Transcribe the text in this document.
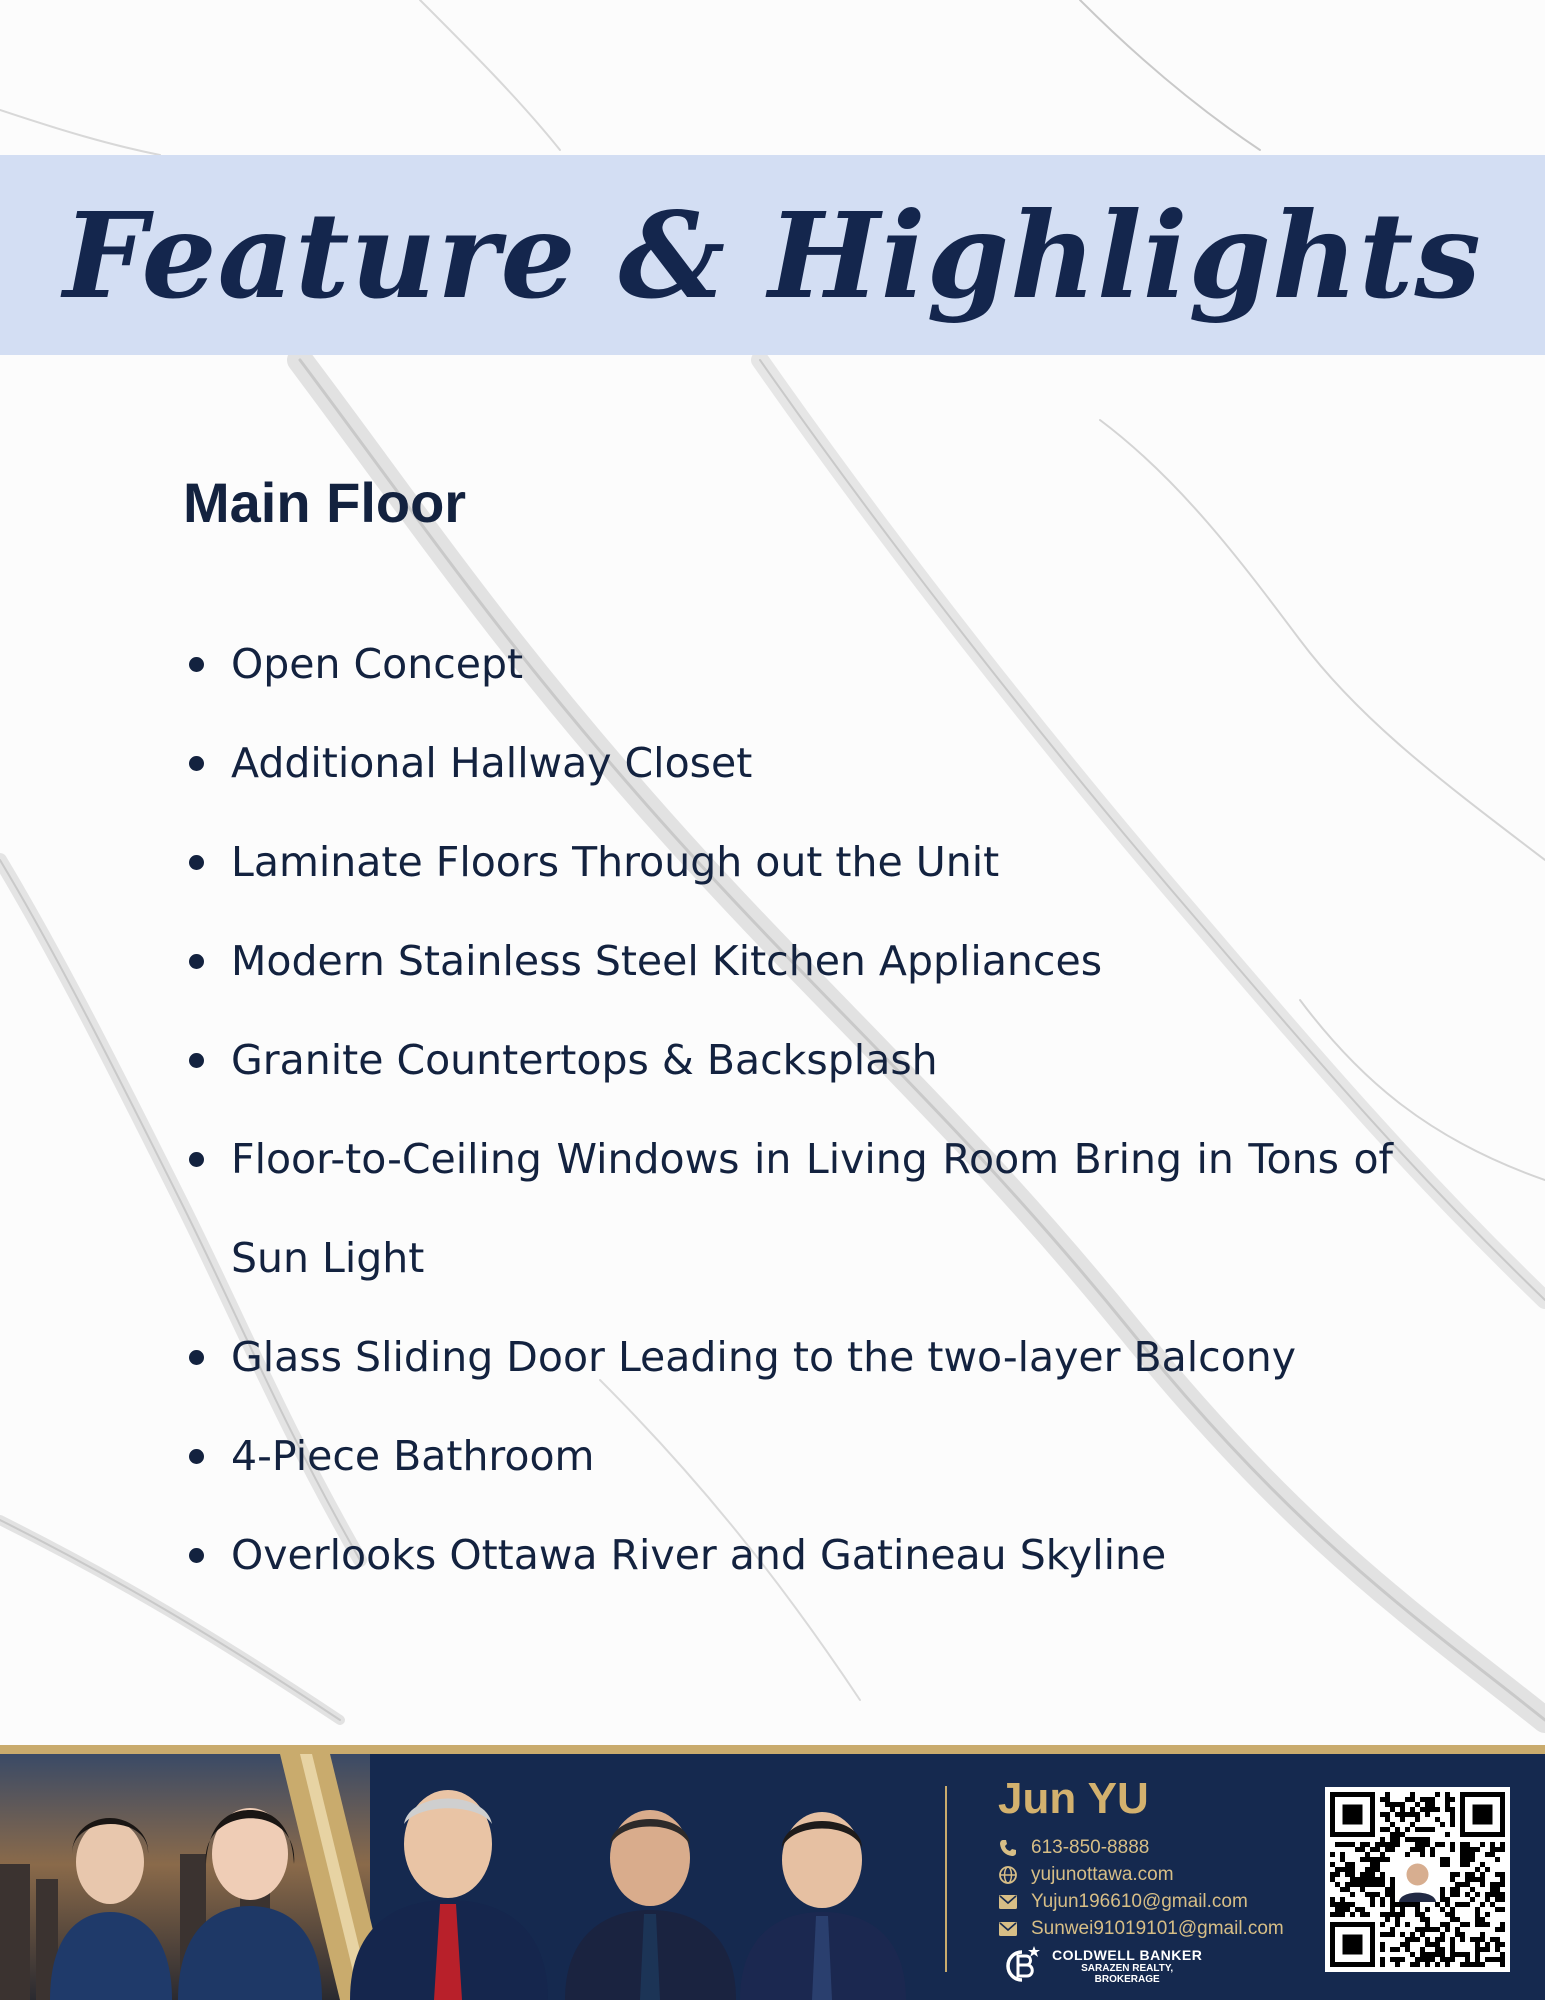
Feature & Highlights
Main Floor
Open Concept
Additional Hallway Closet
Laminate Floors Through out the Unit
Modern Stainless Steel Kitchen Appliances
Granite Countertops & Backsplash
Floor-to-Ceiling Windows in Living Room Bring in Tons of Sun Light
Glass Sliding Door Leading to the two-layer Balcony
4-Piece Bathroom
Overlooks Ottawa River and Gatineau Skyline
Jun YU
613-850-8888
yujunottawa.com
Yujun196610@gmail.com
Sunwei91019101@gmail.com
COLDWELL BANKER
SARAZEN REALTY,
BROKERAGE
